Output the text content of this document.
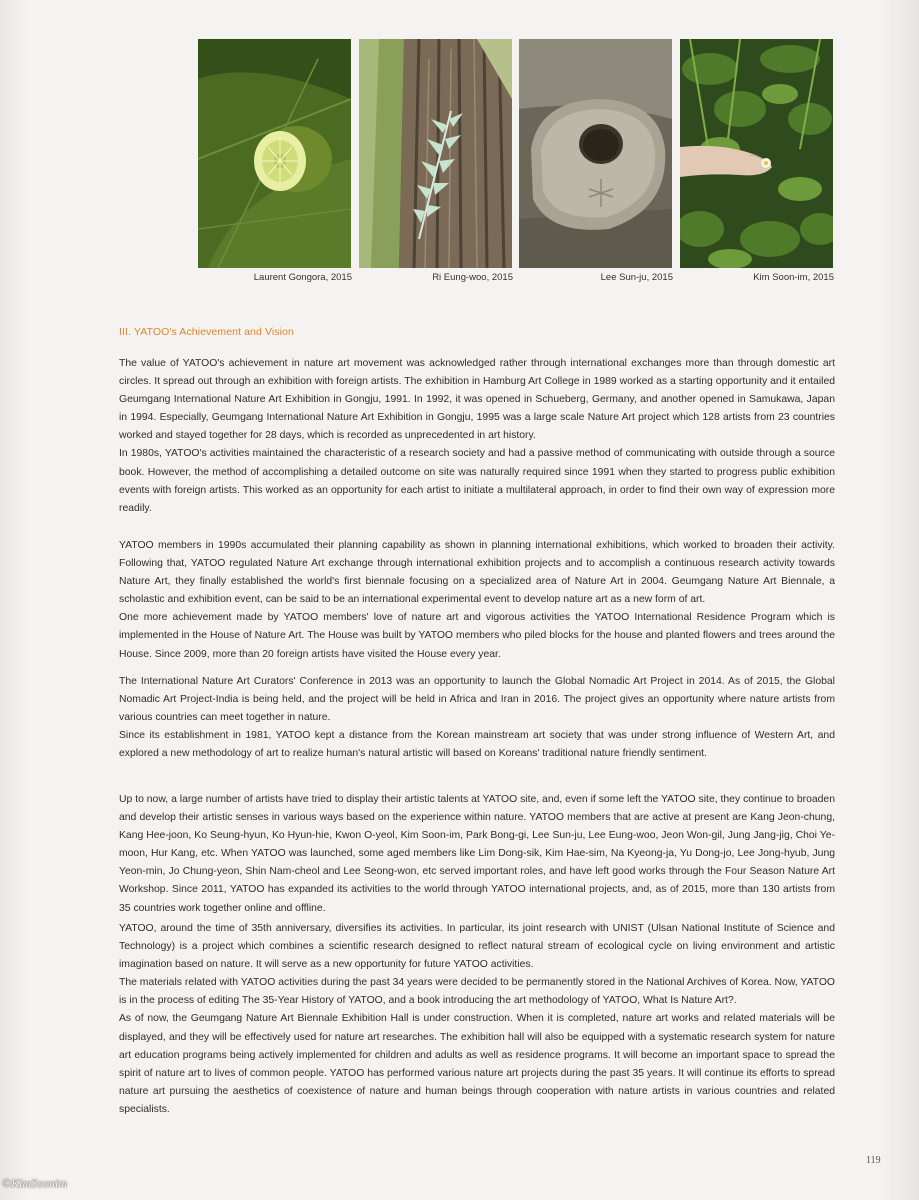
Laurent Gongora, 2015	Ri Eung-woo, 2015	Lee Sun-ju, 2015	Kim Soon-im, 2015
III. YATOO's Achievement and Vision

The value of YATOO's achievement in nature art movement was acknowledged rather through international exchanges more than through domestic art circles. It spread out through an exhibition with foreign artists. The exhibition in Hamburg Art College in 1989 worked as a starting opportunity and it entailed Geumgang International Nature Art Exhibition in Gongju, 1991. In 1992, it was opened in Schueberg, Germany, and another opened in Samukawa, Japan in 1994. Especially, Geumgang International Nature Art Exhibition in Gongju, 1995 was a large scale Nature Art project which 128 artists from 23 countries worked and stayed together for 28 days, which is recorded as unprecedented in art history.

In 1980s, YATOO's activities maintained the characteristic of a research society and had a passive method of communicating with outside through a source book. However, the method of accomplishing a detailed outcome on site was naturally required since 1991 when they started to progress public exhibition events with foreign artists. This worked as an opportunity for each artist to initiate a multilateral approach, in order to find their own way of expression more readily.

YATOO members in 1990s accumulated their planning capability as shown in planning international exhibitions, which worked to broaden their activity. Following that, YATOO regulated Nature Art exchange through international exhibition projects and to accomplish a continuous research activity towards Nature Art, they finally established the world's first biennale focusing on a specialized area of Nature Art in 2004. Geumgang Nature Art Biennale, a scholastic and exhibition event, can be said to be an international experimental event to develop nature art as a new form of art.

One more achievement made by YATOO members' love of nature art and vigorous activities the YATOO International Residence Program which is implemented in the House of Nature Art. The House was built by YATOO members who piled blocks for the house and planted flowers and trees around the House. Since 2009, more than 20 foreign artists have visited the House every year.

The International Nature Art Curators' Conference in 2013 was an opportunity to launch the Global Nomadic Art Project in 2014. As of 2015, the Global Nomadic Art Project-India is being held, and the project will be held in Africa and Iran in 2016. The project gives an opportunity where nature artists from various countries can meet together in nature.

Since its establishment in 1981, YATOO kept a distance from the Korean mainstream art society that was under strong influence of Western Art, and explored a new methodology of art to realize human's natural artistic will based on Koreans' traditional nature friendly sentiment.

Up to now, a large number of artists have tried to display their artistic talents at YATOO site, and, even if some left the YATOO site, they continue to broaden and develop their artistic senses in various ways based on the experience within nature. YATOO members that are active at present are Kang Jeon-chung, Kang Hee-joon, Ko Seung-hyun, Ko Hyun-hie, Kwon O-yeol, Kim Soon-im, Park Bong-gi, Lee Sun-ju, Lee Eung-woo, Jeon Won-gil, Jung Jang-jig, Choi Ye-moon, Hur Kang, etc. When YATOO was launched, some aged members like Lim Dong-sik, Kim Hae-sim, Na Kyeong-ja, Yu Dong-jo, Lee Jong-hyub, Jung Yeon-min, Jo Chung-yeon, Shin Nam-cheol and Lee Seong-won, etc served important roles, and have left good works through the Four Season Nature Art Workshop. Since 2011, YATOO has expanded its activities to the world through YATOO international projects, and, as of 2015, more than 130 artists from 35 countries work together online and offline.

YATOO, around the time of 35th anniversary, diversifies its activities. In particular, its joint research with UNIST (Ulsan National Institute of Science and Technology) is a project which combines a scientific research designed to reflect natural stream of ecological cycle on living environment and artistic imagination based on nature. It will serve as a new opportunity for future YATOO activities.

The materials related with YATOO activities during the past 34 years were decided to be permanently stored in the National Archives of Korea. Now, YATOO is in the process of editing The 35-Year History of YATOO, and a book introducing the art methodology of YATOO, What Is Nature Art?.

As of now, the Geumgang Nature Art Biennale Exhibition Hall is under construction. When it is completed, nature art works and related materials will be displayed, and they will be effectively used for nature art researches. The exhibition hall will also be equipped with a systematic research system for nature art education programs being actively implemented for children and adults as well as residence programs. It will become an important space to spread the spirit of nature art to lives of common people. YATOO has performed various nature art projects during the past 35 years. It will continue its efforts to spread nature art pursuing the aesthetics of coexistence of nature and human beings through cooperation with nature artists in various countries and related specialists.

119
©KimSoonim
